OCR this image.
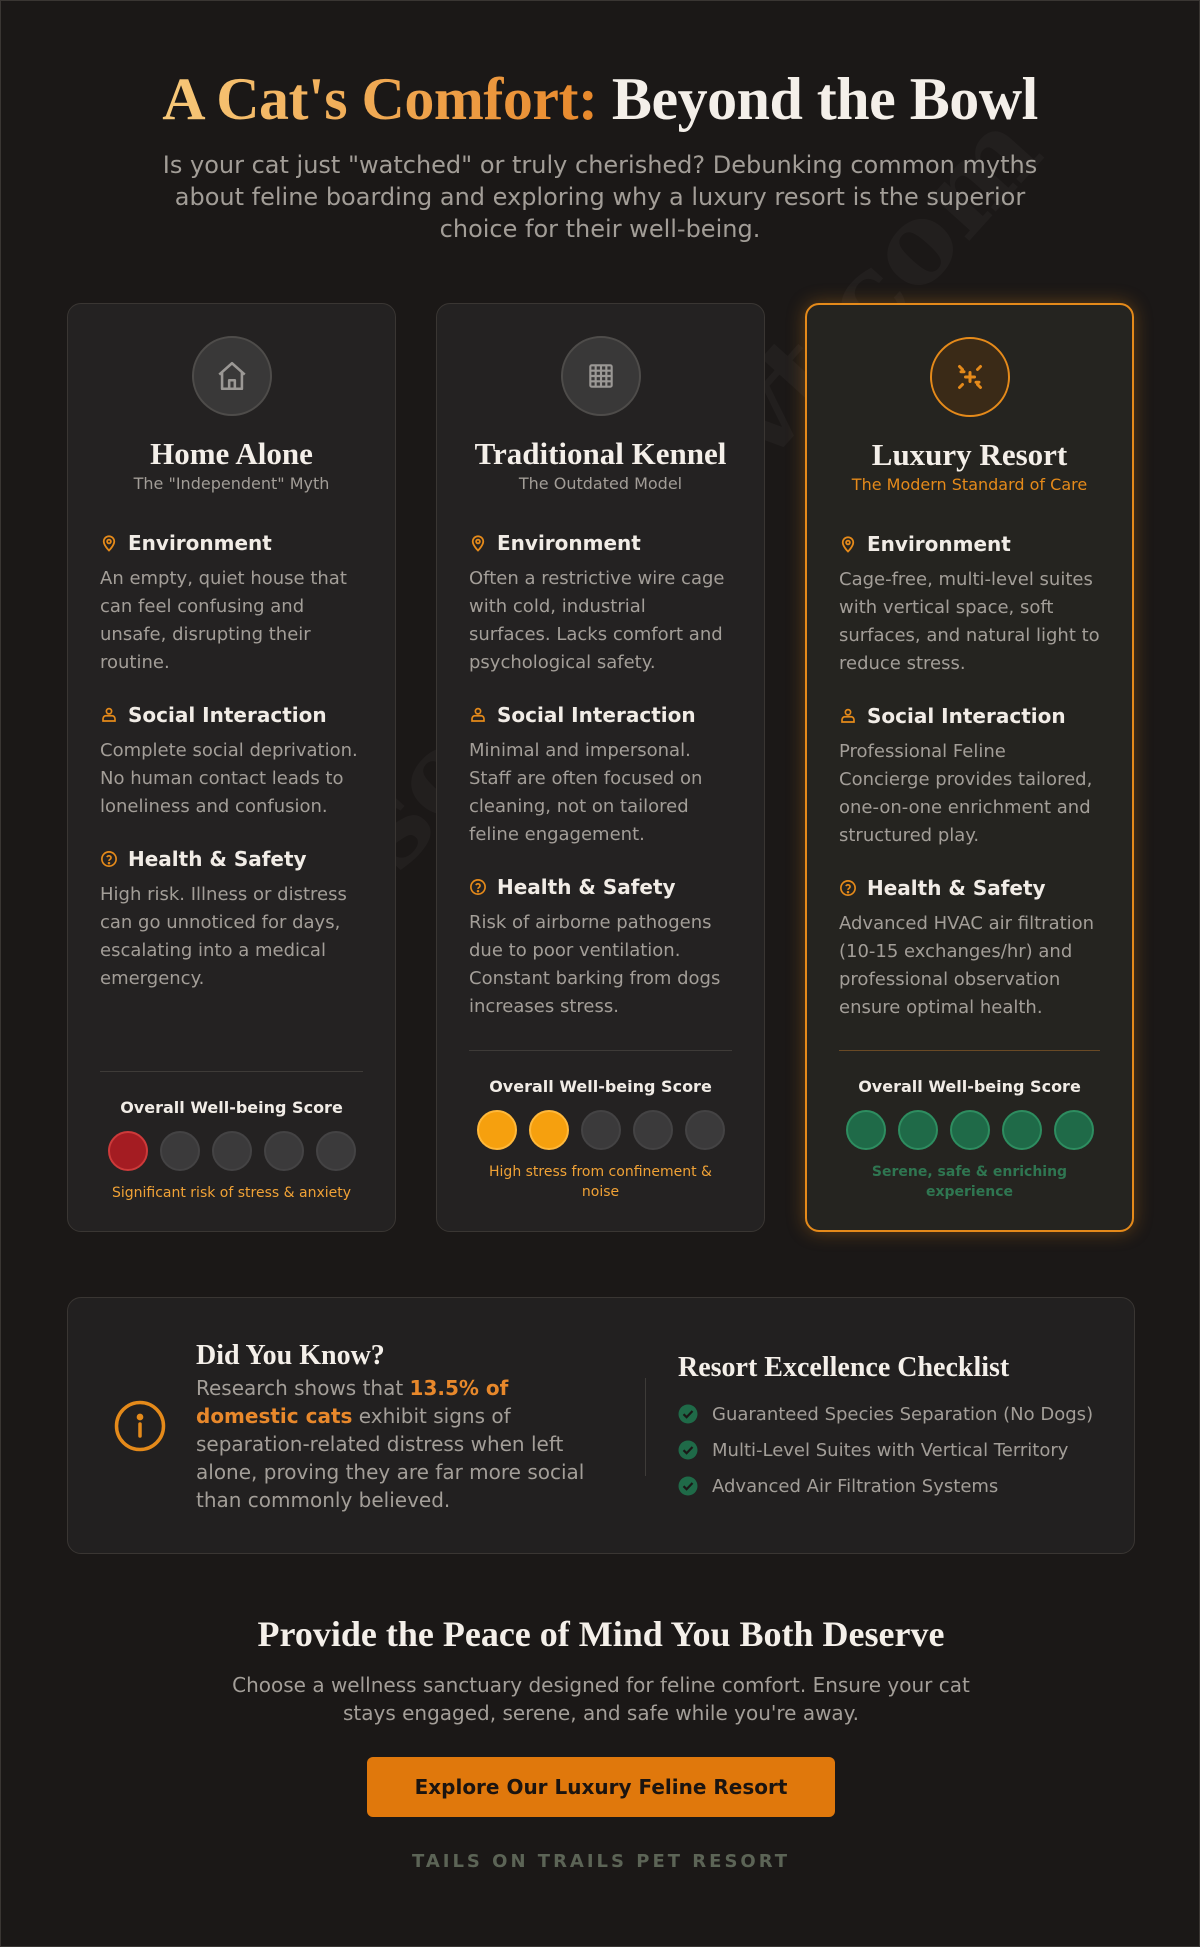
A Cat's Comfort: Beyond the Bowl

Is your cat just "watched" or truly cherished? Debunking common myths about feline boarding and exploring why a luxury resort is the superior choice for their well-being.

Home Alone
The "Independent" Myth
Environment

An empty, quiet house that can feel confusing and unsafe, disrupting their routine.

Social Interaction

Complete social deprivation. No human contact leads to loneliness and confusion.

Health & Safety

High risk. Illness or distress can go unnoticed for days, escalating into a medical emergency.

Overall Well-being Score
Significant risk of stress & anxiety
Traditional Kennel
The Outdated Model
Environment

Often a restrictive wire cage with cold, industrial surfaces. Lacks comfort and psychological safety.

Social Interaction

Minimal and impersonal. Staff are often focused on cleaning, not on tailored feline engagement.

Health & Safety

Risk of airborne pathogens due to poor ventilation. Constant barking from dogs increases stress.

Overall Well-being Score
High stress from confinement & noise
Luxury Resort
The Modern Standard of Care
Environment

Cage-free, multi-level suites with vertical space, soft surfaces, and natural light to reduce stress.

Social Interaction

Professional Feline Concierge provides tailored, one-on-one enrichment and structured play.

Health & Safety

Advanced HVAC air filtration (10-15 exchanges/hr) and professional observation ensure optimal health.

Overall Well-being Score
Serene, safe & enriching experience
Did You Know?

Research shows that 13.5% of domestic cats exhibit signs of separation-related distress when left alone, proving they are far more social than commonly believed.

Resort Excellence Checklist
Guaranteed Species Separation (No Dogs)
Multi-Level Suites with Vertical Territory
Advanced Air Filtration Systems
Provide the Peace of Mind You Both Deserve

Choose a wellness sanctuary designed for feline comfort. Ensure your cat stays engaged, serene, and safe while you're away.

Explore Our Luxury Feline Resort
TAILS ON TRAILS PET RESORT
